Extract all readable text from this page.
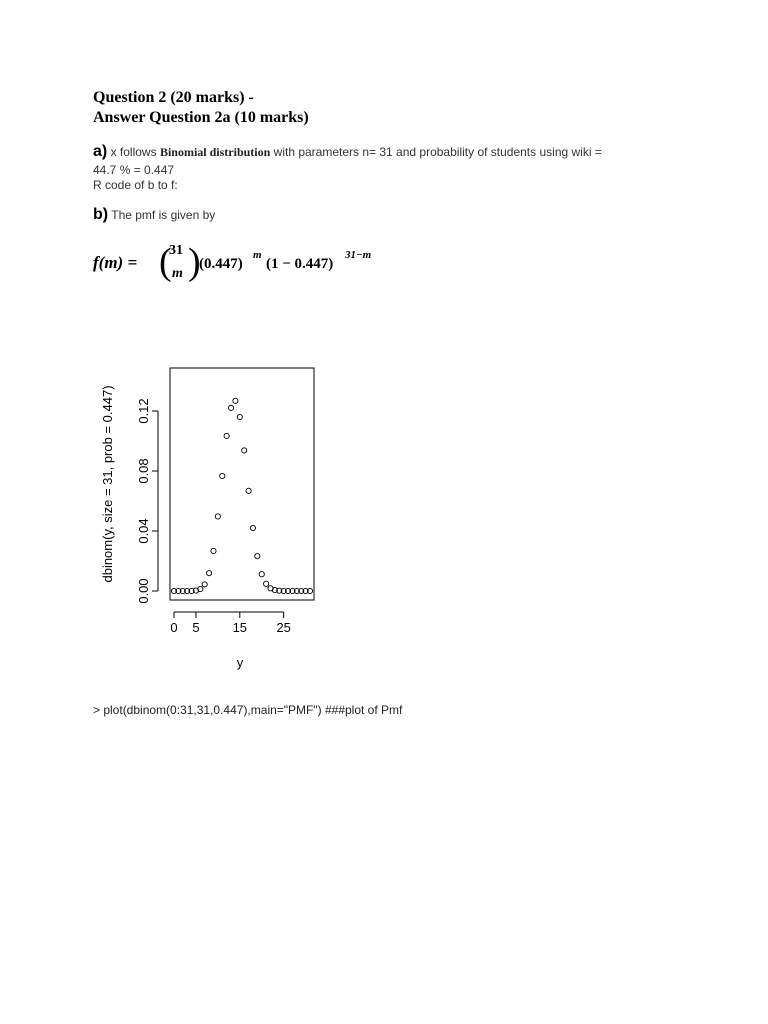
Question 2 (20 marks) -
Answer Question 2a (10 marks)
a) x follows Binomial distribution with parameters n= 31 and probability of students using wiki =
44.7 % = 0.447
R code of b to f:
b) The pmf is given by
f(m) = (
31
m )
(0.447)
m
(1 − 0.447)
31−m
0.00
0.04
0.08
0.12
dbinom(y, size = 31, prob = 0.447)
0 5	15 25
y
> plot(dbinom(0:31,31,0.447),main="PMF") ###plot of Pmf
